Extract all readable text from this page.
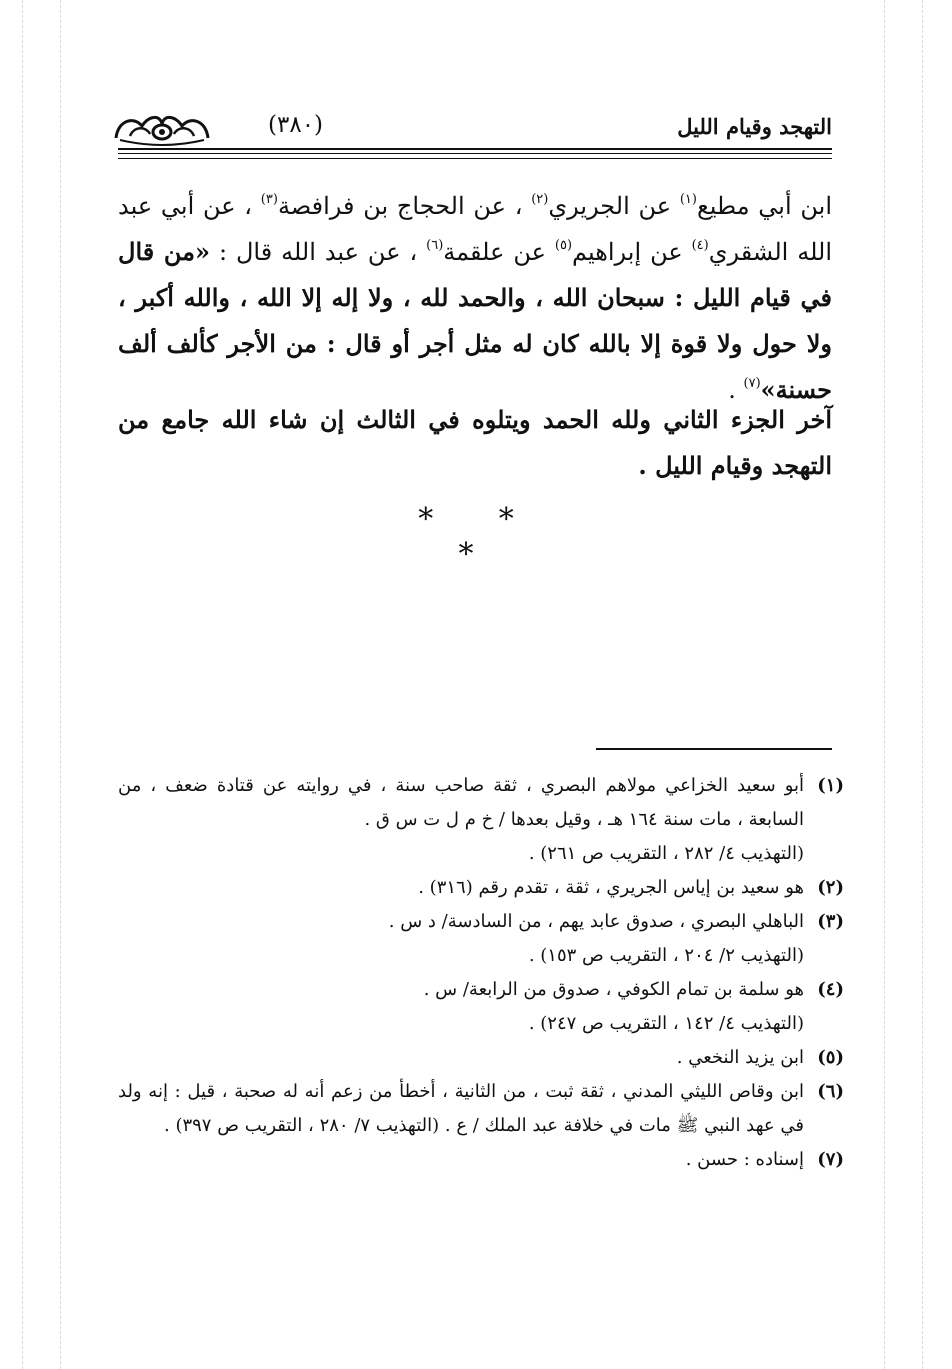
التهجد وقيام الليل
(٣٨٠)
ابن أبي مطيع$^{(١)}$ عن الجريري$^{(٢)}$ ، عن الحجاج بن فرافصة$^{(٣)}$ ، عن أبي عبد الله الشقري$^{(٤)}$ عن إبراهيم$^{(٥)}$ عن علقمة$^{(٦)}$ ، عن عبد الله قال : «من قال في قيام الليل : سبحان الله ، والحمد لله ، ولا إله إلا الله ، والله أكبر ، ولا حول ولا قوة إلا بالله كان له مثل أجر أو قال : من الأجر كألف ألف حسنة»$^{(٧)}$ .
آخر الجزء الثاني ولله الحمد ويتلوه في الثالث إن شاء الله جامع من التهجد وقيام الليل .
* * *
(١)
أبو سعيد الخزاعي مولاهم البصري ، ثقة صاحب سنة ، في روايته عن قتادة ضعف ، من السابعة ، مات سنة ١٦٤ هـ ، وقيل بعدها / خ م ل ت س ق .
(التهذيب ٤/ ٢٨٢ ، التقريب ص ٢٦١) .
(٢)
هو سعيد بن إياس الجريري ، ثقة ، تقدم رقم (٣١٦) .
(٣)
الباهلي البصري ، صدوق عابد يهم ، من السادسة/ د س .
(التهذيب ٢/ ٢٠٤ ، التقريب ص ١٥٣) .
(٤)
هو سلمة بن تمام الكوفي ، صدوق من الرابعة/ س .
(التهذيب ٤/ ١٤٢ ، التقريب ص ٢٤٧) .
(٥)
ابن يزيد النخعي .
(٦)
ابن وقاص الليثي المدني ، ثقة ثبت ، من الثانية ، أخطأ من زعم أنه له صحبة ، قيل : إنه ولد في عهد النبي ﷺ مات في خلافة عبد الملك / ع . (التهذيب ٧/ ٢٨٠ ، التقريب ص ٣٩٧) .
(٧)
إسناده : حسن .
